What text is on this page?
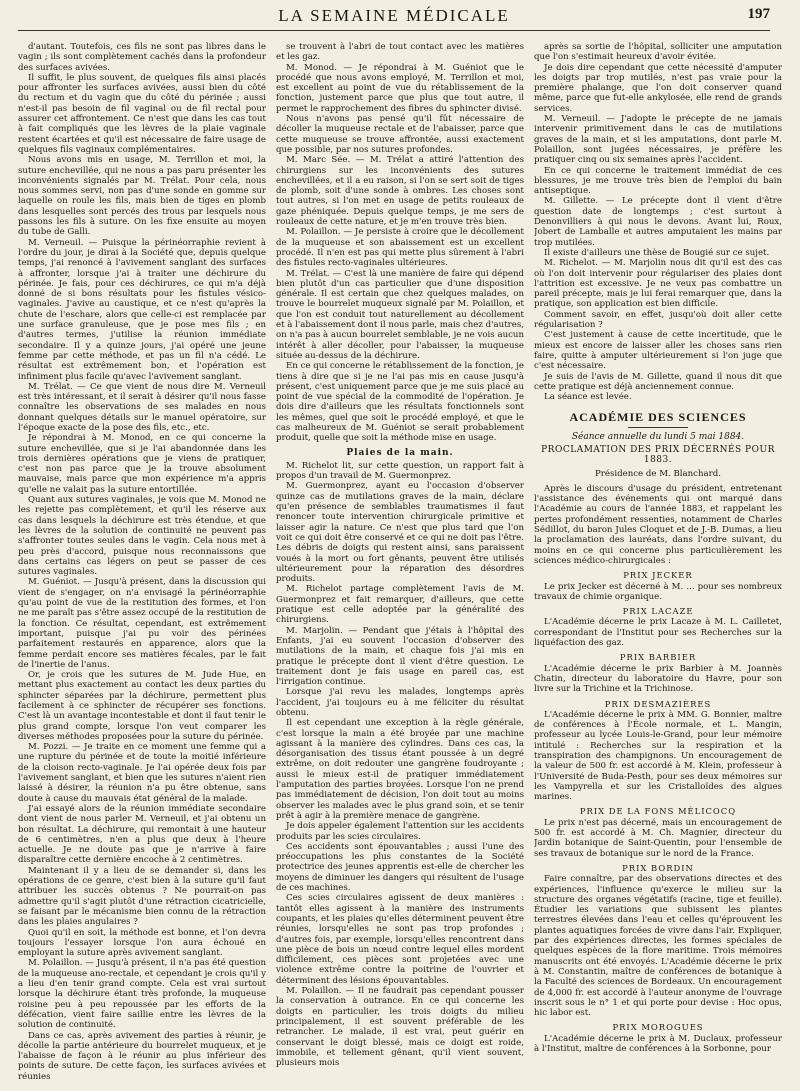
LA SEMAINE MÉDICALE	197

d'autant. Toutefois, ces fils ne sont pas libres dans le vagin ; ils sont complètement cachés dans la profondeur des surfaces avivées.

Il suffit, le plus souvent, de quelques fils ainsi placés pour affronter les surfaces avivées, aussi bien du côté du rectum et du vagin que du côté du périnée ; aussi n'est-il pas besoin de fil vaginal ou de fil rectal pour assurer cet affrontement. Ce n'est que dans les cas tout à fait compliqués que les lèvres de la plaie vaginale restent écartées et qu'il est nécessaire de faire usage de quelques fils vaginaux complémentaires.

Nous avons mis en usage, M. Terrillon et moi, la suture enchevillée, qui ne nous a pas paru présenter les inconvénients signalés par M. Trélat. Pour cela, nous nous sommes servi, non pas d'une sonde en gomme sur laquelle on roule les fils, mais bien de tiges en plomb dans lesquelles sont percés des trous par lesquels nous passons les fils à suture. On les fixe ensuite au moyen du tube de Galli.

M. Verneuil. — Puisque la périnéorraphie revient à l'ordre du jour, je dirai à la Société que, depuis quelque temps, j'ai renoncé à l'avivement sanglant des surfaces à affronter, lorsque j'ai à traiter une déchirure du périnée. Je fais, pour ces déchirures, ce qui m'a déjà donné de si bons résultats pour les fistules vésico-vaginales. J'avive au caustique, et ce n'est qu'après la chute de l'eschare, alors que celle-ci est remplacée par une surface granuleuse, que je pose mes fils ; en d'autres termes, j'utilise la réunion immédiate secondaire. Il y a quinze jours, j'ai opéré une jeune femme par cette méthode, et pas un fil n'a cédé. Le résultat est extrêmement bon, et l'opération est infiniment plus facile qu'avec l'avivement sanglant.

M. Trélat. — Ce que vient de nous dire M. Verneuil est très intéressant, et il serait à désirer qu'il nous fasse connaître les observations de ses malades en nous donnant quelques détails sur le manuel opératoire, sur l'époque exacte de la pose des fils, etc., etc.

Je répondrai à M. Monod, en ce qui concerne la suture enchevillée, que si je l'ai abandonnée dans les trois dernières opérations que je viens de pratiquer, c'est non pas parce que je la trouve absolument mauvaise, mais parce que mon expérience m'a appris qu'elle ne valait pas la suture entortillée.

Quant aux sutures vaginales, je vois que M. Monod ne les rejette pas complètement, et qu'il les réserve aux cas dans lesquels la déchirure est très étendue, et que les lèvres de la solution de continuité ne peuvent pas s'affronter toutes seules dans le vagin. Cela nous met à peu près d'accord, puisque nous reconnaissons que dans certains cas légers on peut se passer de ces sutures vaginales.

M. Guéniot. — Jusqu'à présent, dans la discussion qui vient de s'engager, on n'a envisagé la périnéorraphie qu'au point de vue de la restitution des formes, et l'on ne me paraît pas s'être assez occupé de la restitution de la fonction. Ce résultat, cependant, est extrêmement important, puisque j'ai pu voir des périnées parfaitement restaurés en apparence, alors que la femme perdait encore ses matières fécales, par le fait de l'inertie de l'anus.

Or, je crois que les sutures de M. Jude Hue, en mettant plus exactement au contact les deux parties du sphincter séparées par la déchirure, permettent plus facilement à ce sphincter de récupérer ses fonctions. C'est là un avantage incontestable et dont il faut tenir le plus grand compte, lorsque l'on veut comparer les diverses méthodes proposées pour la suture du périnée.

M. Pozzi. — Je traite en ce moment une femme qui a une rupture du périnée et de toute la moitié inférieure de la cloison recto-vaginale. Je l'ai opérée deux fois par l'avivement sanglant, et bien que les sutures n'aient rien laissé à désirer, la réunion n'a pu être obtenue, sans doute à cause du mauvais état général de la malade.

J'ai essayé alors de la réunion immédiate secondaire dont vient de nous parler M. Verneuil, et j'ai obtenu un bon résultat. La déchirure, qui remontait à une hauteur de 6 centimètres, n'en a plus que deux à l'heure actuelle. Je ne doute pas que je n'arrive à faire disparaître cette dernière encoche à 2 centimètres.

Maintenant il y a lieu de se demander si, dans les opérations de ce genre, c'est bien à la suture qu'il faut attribuer les succès obtenus ? Ne pourrait-on pas admettre qu'il s'agit plutôt d'une rétraction cicatricielle, se faisant par le mécanisme bien connu de la rétraction dans les plaies angulaires ?

Quoi qu'il en soit, la méthode est bonne, et l'on devra toujours l'essayer lorsque l'on aura échoué en employant la suture après avivement sanglant.

M. Polaillon. — Jusqu'à présent, il n'a pas été question de la muqueuse ano-rectale, et cependant je crois qu'il y a lieu d'en tenir grand compte. Cela est vrai surtout lorsque la déchirure étant très profonde, la muqueuse roisine peu à peu repoussée par les efforts de la défécation, vient faire saillie entre les lèvres de la solution de continuité.

Dans ce cas, après avivement des parties à réunir, je décolle la partie antérieure du bourrelet muqueux, et je l'abaisse de façon à le réunir au plus inférieur des points de suture. De cette façon, les surfaces avivées et réunies

se trouvent à l'abri de tout contact avec les matières et les gaz.

M. Monod. — Je répondrai à M. Guéniot que le procédé que nous avons employé, M. Terrillon et moi, est excellent au point de vue du rétablissement de la fonction, justement parce que plus que tout autre, il permet le rapprochement des fibres du sphincter divisé.

Nous n'avons pas pensé qu'il fût nécessaire de décoller la muqueuse rectale et de l'abaisser, parce que cette muqueuse se trouve affrontée, aussi exactement que possible, par nos sutures profondes.

M. Marc Sée. — M. Trélat a attiré l'attention des chirurgiens sur les inconvénients des sutures enchevillées, et il a eu raison, si l'on se sert soit de tiges de plomb, soit d'une sonde à ombres. Les choses sont tout autres, si l'on met en usage de petits rouleaux de gaze phéniquée. Depuis quelque temps, je me sers de rouleaux de cette nature, et je m'en trouve très bien.

M. Polaillon. — Je persiste à croire que le décollement de la muqueuse et son abaissement est un excellent procédé. Il n'en est pas qui mette plus sûrement à l'abri des fistules recto-vaginales ultérieures.

M. Trélat. — C'est là une manière de faire qui dépend bien plutôt d'un cas particulier que d'une disposition générale. Il est certain que chez quelques malades, on trouve le bourrelet muqueux signalé par M. Polaillon, et que l'on est conduit tout naturellement au décollement et à l'abaissement dont il nous parle, mais chez d'autres, on n'a pas à aucun bourrelet semblable, je ne vois aucun intérêt à aller décoller, pour l'abaisser, la muqueuse située au-dessus de la déchirure.

En ce qui concerne le rétablissement de la fonction, je tiens à dire que si je ne l'ai pas mis en cause jusqu'à présent, c'est uniquement parce que je me suis placé au point de vue spécial de la commodité de l'opération. Je dois dire d'ailleurs que les résultats fonctionnels sont les mêmes, quel que soit le procédé employé, et que le cas malheureux de M. Guéniot se serait probablement produit, quelle que soit la méthode mise en usage.

Plaies de la main.

M. Richelot lit, sur cette question, un rapport fait à propos d'un travail de M. Guermonprez.

M. Guermonprez, ayant eu l'occasion d'observer quinze cas de mutilations graves de la main, déclare qu'en présence de semblables traumatismes il faut renoncer toute intervention chirurgicale primitive et laisser agir la nature. Ce n'est que plus tard que l'on voit ce qui doit être conservé et ce qui ne doit pas l'être. Les débris de doigts qui restent ainsi, sans paraissent voués à la mort ou fort gênants, peuvent être utilisés ultérieurement pour la réparation des désordres produits.

M. Richelot partage complètement l'avis de M. Guermonprez et fait remarquer, d'ailleurs, que cette pratique est celle adoptée par la généralité des chirurgiens.

M. Marjolin. — Pendant que j'étais à l'hôpital des Enfants, j'ai eu souvent l'occasion d'observer des mutilations de la main, et chaque fois j'ai mis en pratique le précepte dont il vient d'être question. Le traitement dont je fais usage en pareil cas, est l'irrigation continue.

Lorsque j'ai revu les malades, longtemps après l'accident, j'ai toujours eu à me féliciter du résultat obtenu.

Il est cependant une exception à la règle générale, c'est lorsque la main a été broyée par une machine agissant à la manière des cylindres. Dans ces cas, la désorganisation des tissus étant poussée à un degré extrême, on doit redouter une gangrène foudroyante ; aussi le mieux est-il de pratiquer immédiatement l'amputation des parties broyées. Lorsque l'on ne prend pas immédiatement de décision, l'on doit tout au moins observer les malades avec le plus grand soin, et se tenir prêt à agir à la première menace de gangrène.

Je dois appeler également l'attention sur les accidents produits par les scies circulaires.

Ces accidents sont épouvantables ; aussi l'une des préoccupations les plus constantes de la Société protectrice des jeunes apprentis est-elle de chercher les moyens de diminuer les dangers qui résultent de l'usage de ces machines.

Ces scies circulaires agissent de deux manières : tantôt elles agissent à la manière des instruments coupants, et les plaies qu'elles déterminent peuvent être réunies, lorsqu'elles ne sont pas trop profondes ; d'autres fois, par exemple, lorsqu'elles rencontrent dans une pièce de bois un nœud contre lequel elles mordent difficilement, ces pièces sont projetées avec une violence extrême contre la poitrine de l'ouvrier et déterminent des lésions épouvantables.

M. Polaillon. — Il ne faudrait pas cependant pousser la conservation à outrance. En ce qui concerne les doigts en particulier, les trois doigts du milieu principalement, il est souvent préférable de les retrancher. Le malade, il est vrai, peut guérir en conservant le doigt blessé, mais ce doigt est roide, immobile, et tellement gênant, qu'il vient souvent, plusieurs mois

après sa sortie de l'hôpital, solliciter une amputation que l'on s'estimait heureux d'avoir évitée.

Je dois dire cependant que cette nécessité d'amputer les doigts par trop mutilés, n'est pas vraie pour la première phalange, que l'on doit conserver quand même, parce que fut-elle ankylosée, elle rend de grands services.

M. Verneuil. — J'adopte le précepte de ne jamais intervenir primitivement dans le cas de mutilations graves de la main, et si les amputations, dont parle M. Polaillon, sont jugées nécessaires, je préfère les pratiquer cinq ou six semaines après l'accident.

En ce qui concerne le traitement immédiat de ces blessures, je me trouve très bien de l'emploi du bain antiseptique.

M. Gillette. — Le précepte dont il vient d'être question date de longtemps ; c'est surtout à Denonvilliers à qui nous le devons. Avant lui, Roux, Jobert de Lamballe et autres amputaient les mains par trop mutilées.

Il existe d'ailleurs une thèse de Bougié sur ce sujet.

M. Richelot. — M. Marjolin nous dit qu'il est des cas où l'on doit intervenir pour régulariser des plaies dont l'attrition est excessive. Je ne veux pas combattre un pareil précepte, mais je lui ferai remarquer que, dans la pratique, son application est bien difficile.

Comment savoir, en effet, jusqu'où doit aller cette régularisation ?

C'est justement à cause de cette incertitude, que le mieux est encore de laisser aller les choses sans rien faire, quitte à amputer ultérieurement si l'on juge que c'est nécessaire.

Je suis de l'avis de M. Gillette, quand il nous dit que cette pratique est déjà anciennement connue.

La séance est levée.

ACADÉMIE DES SCIENCES
Séance annuelle du lundi 5 mai 1884.
PROCLAMATION DES PRIX DÉCERNÉS POUR 1883.
Présidence de M. Blanchard.

Après le discours d'usage du président, entretenant l'assistance des événements qui ont marqué dans l'Académie au cours de l'année 1883, et rappelant les pertes profondément ressenties, notamment de Charles Sédillot, du baron Jules Cloquet et de J.-B. Dumas, a lieu la proclamation des lauréats, dans l'ordre suivant, du moins en ce qui concerne plus particulièrement les sciences médico-chirurgicales :

PRIX JECKER

Le prix Jecker est décerné à M. ... pour ses nombreux travaux de chimie organique.

PRIX LACAZE

L'Académie décerne le prix Lacaze à M. L. Cailletet, correspondant de l'Institut pour ses Recherches sur la liquéfaction des gaz.

PRIX BARBIER

L'Académie décerne le prix Barbier à M. Joannès Chatin, directeur du laboratoire du Havre, pour son livre sur la Trichine et la Trichinose.

PRIX DESMAZIÈRES

L'Académie décerne le prix à MM. G. Bonnier, maître de conférences à l'École normale, et L. Mangin, professeur au lycée Louis-le-Grand, pour leur mémoire intitulé : Recherches sur la respiration et la transpiration des champignons. Un encouragement de la valeur de 500 fr. est accordé à M. Klein, professeur à l'Université de Buda-Pesth, pour ses deux mémoires sur les Vampyrella et sur les Cristalloïdes des algues marines.

PRIX DE LA FONS MÉLICOCQ

Le prix n'est pas décerné, mais un encouragement de 500 fr. est accordé à M. Ch. Magnier, directeur du Jardin botanique de Saint-Quentin, pour l'ensemble de ses travaux de botanique sur le nord de la France.

PRIX BORDIN

Faire connaître, par des observations directes et des expériences, l'influence qu'exerce le milieu sur la structure des organes végétatifs (racine, tige et feuille). Étudier les variations que subissent les plantes terrestres élevées dans l'eau et celles qu'éprouvent les plantes aquatiques forcées de vivre dans l'air. Expliquer, par des expériences directes, les formes spéciales de quelques espèces de la flore maritime. Trois mémoires manuscrits ont été envoyés. L'Académie décerne le prix à M. Constantin, maître de conférences de botanique à la Faculté des sciences de Bordeaux. Un encouragement de 4,000 fr. est accordé à l'auteur anonyme de l'ouvrage inscrit sous le n° 1 et qui porte pour devise : Hoc opus, hic labor est.

PRIX MOROGUES

L'Académie décerne le prix à M. Duclaux, professeur à l'Institut, maître de conférences à la Sorbonne, pour
